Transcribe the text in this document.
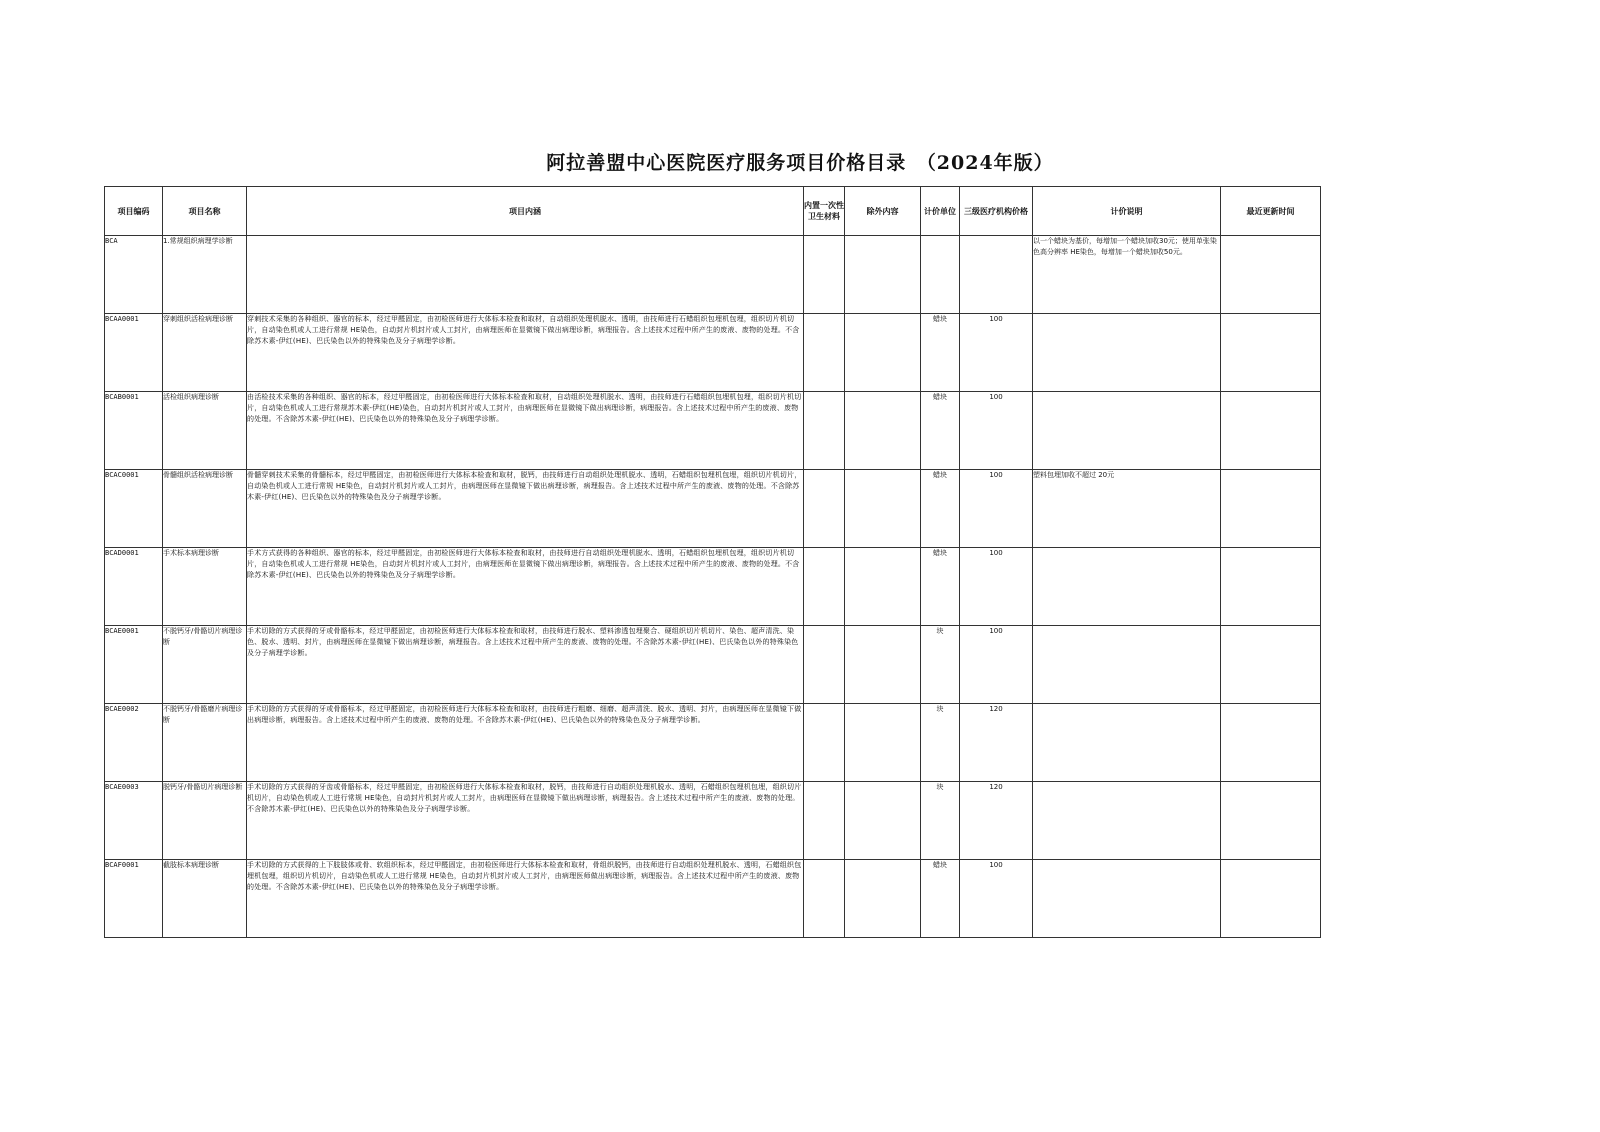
阿拉善盟中心医院医疗服务项目价格目录　（2024年版）
项目编码	项目名称	项目内涵	内置一次性卫生材料	除外内容	计价单位	三级医疗机构价格	计价说明	最近更新时间
BCA	1.常规组织病理学诊断						以一个蜡块为基价，每增加一个蜡块加收30元；使用单张染色高分辨率 HE染色，每增加一个蜡块加收50元。	
BCAA0001	穿刺组织活检病理诊断	穿刺技术采集的各种组织、器官的标本，经过甲醛固定，由初检医师进行大体标本检查和取材，自动组织处理机脱水、透明，由技师进行石蜡组织包埋机包埋，组织切片机切片，自动染色机或人工进行常规 HE染色，自动封片机封片或人工封片，由病理医师在显微镜下做出病理诊断，病理报告。含上述技术过程中所产生的废液、废物的处理。不含除苏木素-伊红(HE)、巴氏染色以外的特殊染色及分子病理学诊断。			蜡块	100		
BCAB0001	活检组织病理诊断	由活检技术采集的各种组织、器官的标本，经过甲醛固定，由初检医师进行大体标本检查和取材，自动组织处理机脱水、透明，由技师进行石蜡组织包埋机包埋，组织切片机切片，自动染色机或人工进行常规苏木素-伊红(HE)染色，自动封片机封片或人工封片，由病理医师在显微镜下做出病理诊断，病理报告。含上述技术过程中所产生的废液、废物的处理。不含除苏木素-伊红(HE)、巴氏染色以外的特殊染色及分子病理学诊断。			蜡块	100		
BCAC0001	骨髓组织活检病理诊断	骨髓穿刺技术采集的骨髓标本，经过甲醛固定，由初检医师进行大体标本检查和取材，脱钙，由技师进行自动组织处理机脱水、透明，石蜡组织包埋机包埋，组织切片机切片，自动染色机或人工进行常规 HE染色，自动封片机封片或人工封片，由病理医师在显微镜下做出病理诊断，病理报告。含上述技术过程中所产生的废液、废物的处理。不含除苏木素-伊红(HE)、巴氏染色以外的特殊染色及分子病理学诊断。			蜡块	100	塑料包埋加收不超过 20元	
BCAD0001	手术标本病理诊断	手术方式获得的各种组织、器官的标本，经过甲醛固定，由初检医师进行大体标本检查和取材，由技师进行自动组织处理机脱水、透明，石蜡组织包埋机包埋，组织切片机切片，自动染色机或人工进行常规 HE染色，自动封片机封片或人工封片，由病理医师在显微镜下做出病理诊断，病理报告。含上述技术过程中所产生的废液、废物的处理。不含除苏木素-伊红(HE)、巴氏染色以外的特殊染色及分子病理学诊断。			蜡块	100		
BCAE0001	不脱钙牙/骨骼切片病理诊断	手术切除的方式获得的牙或骨骼标本，经过甲醛固定，由初检医师进行大体标本检查和取材，由技师进行脱水、塑料渗透包埋聚合、硬组织切片机切片、染色、超声清洗、染色、脱水、透明、封片，由病理医师在显微镜下做出病理诊断，病理报告。含上述技术过程中所产生的废液、废物的处理。不含除苏木素-伊红(HE)、巴氏染色以外的特殊染色及分子病理学诊断。			块	100		
BCAE0002	不脱钙牙/骨骼磨片病理诊断	手术切除的方式获得的牙或骨骼标本，经过甲醛固定，由初检医师进行大体标本检查和取材，由技师进行粗磨、细磨、超声清洗、脱水、透明、封片，由病理医师在显微镜下做出病理诊断，病理报告。含上述技术过程中所产生的废液、废物的处理。不含除苏木素-伊红(HE)、巴氏染色以外的特殊染色及分子病理学诊断。			块	120		
BCAE0003	脱钙牙/骨骼切片病理诊断	手术切除的方式获得的牙齿或骨骼标本，经过甲醛固定，由初检医师进行大体标本检查和取材，脱钙，由技师进行自动组织处理机脱水、透明，石蜡组织包埋机包埋，组织切片机切片，自动染色机或人工进行常规 HE染色，自动封片机封片或人工封片，由病理医师在显微镜下做出病理诊断，病理报告。含上述技术过程中所产生的废液、废物的处理。不含除苏木素-伊红(HE)、巴氏染色以外的特殊染色及分子病理学诊断。			块	120		
BCAF0001	截肢标本病理诊断	手术切除的方式获得的上下肢肢体或骨、软组织标本，经过甲醛固定，由初检医师进行大体标本检查和取材，骨组织脱钙，由技师进行自动组织处理机脱水、透明，石蜡组织包埋机包埋，组织切片机切片，自动染色机或人工进行常规 HE染色，自动封片机封片或人工封片，由病理医师做出病理诊断，病理报告。含上述技术过程中所产生的废液、废物的处理。不含除苏木素-伊红(HE)、巴氏染色以外的特殊染色及分子病理学诊断。			蜡块	100		
